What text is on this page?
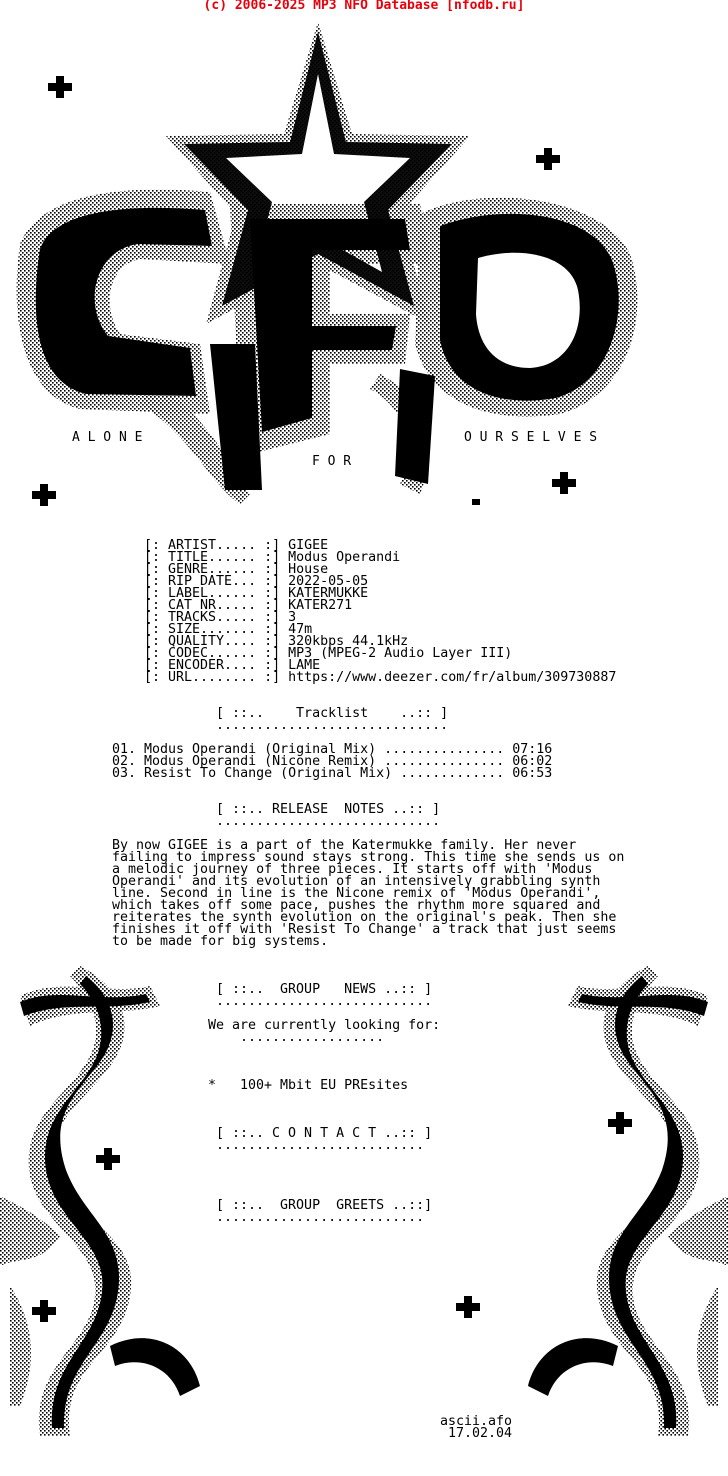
(c) 2006-2025 MP3 NFO Database [nfodb.ru]
A L O N E
F O R
O U R S E L V E S
[: ARTIST..... :] GIGEE
[: TITLE...... :] Modus Operandi
[: GENRE...... :] House
[: RIP DATE... :] 2022-05-05
[: LABEL...... :] KATERMUKKE
[: CAT NR..... :] KATER271
[: TRACKS..... :] 3
[: SIZE....... :] 47m
[: QUALITY.... :] 320kbps 44.1kHz
[: CODEC...... :] MP3 (MPEG-2 Audio Layer III)
[: ENCODER.... :] LAME
[: URL........ :] https://www.deezer.com/fr/album/309730887
[ ::..    Tracklist    ..:: ]
.............................
01. Modus Operandi (Original Mix) ............... 07:16
02. Modus Operandi (Nicone Remix) ............... 06:02
03. Resist To Change (Original Mix) ............. 06:53
[ ::.. RELEASE  NOTES ..:: ]
............................
By now GIGEE is a part of the Katermukke family. Her never
failing to impress sound stays strong. This time she sends us on
a melodic journey of three pieces. It starts off with 'Modus
Operandi' and its evolution of an intensively grabbling synth
line. Second in line is the Nicone remix of 'Modus Operandi',
which takes off some pace, pushes the rhythm more squared and
reiterates the synth evolution on the original's peak. Then she
finishes it off with 'Resist To Change' a track that just seems
to be made for big systems.
[ ::..  GROUP   NEWS ..:: ]
...........................
We are currently looking for:
..................
*   100+ Mbit EU PREsites
[ ::.. C O N T A C T ..:: ]
..........................
[ ::..  GROUP  GREETS ..::]
..........................
ascii.afo
17.02.04
